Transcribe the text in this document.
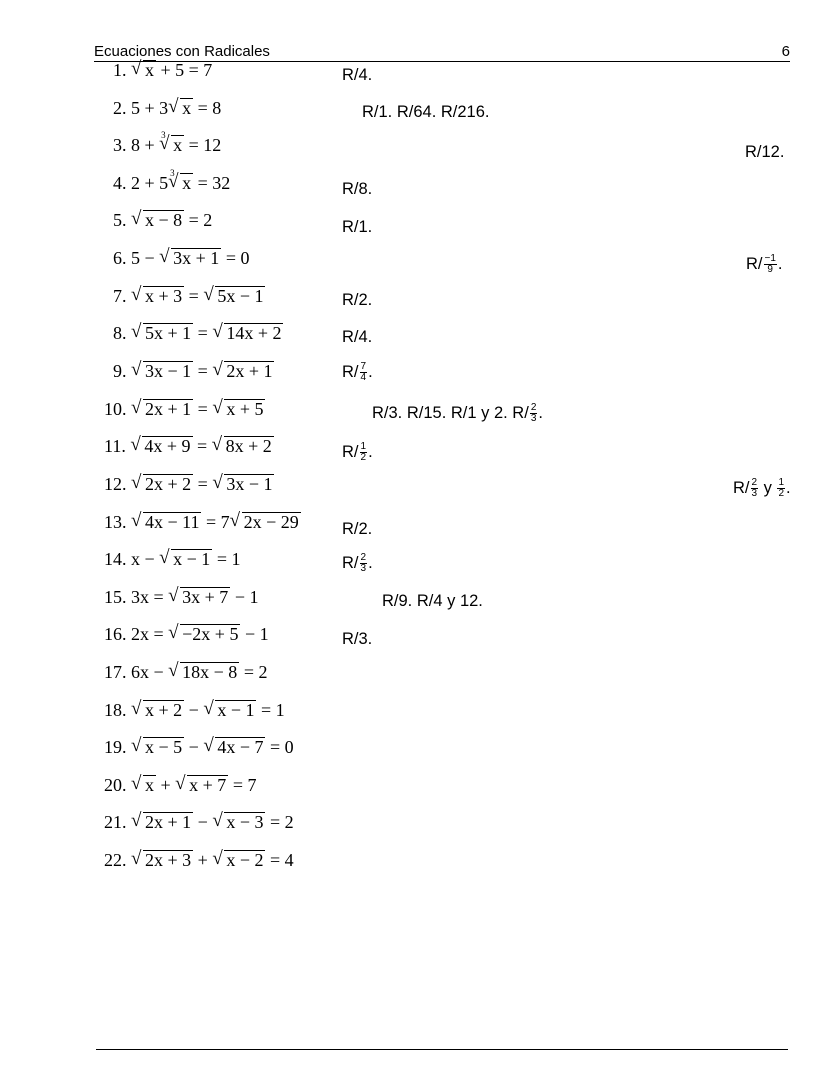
Ecuaciones con Radicales	6
1. √ x + 5 = 7	R/4.
2. 5 + 3 √ x = 8	R/1. R/64. R/216.
3. 8 + √ 3 x = 12	R/12.
4. 2 + 5 √ 3 x = 32	R/8.
5. √ x − 8 = 2	R/1.
6. 5 − √ 3x + 1 = 0	$R/ \frac{-1}{9}$ .
7. √ x + 3 = √ 5x − 1	R/2.
8. √ 5x + 1 = √ 14x + 2	R/4.
9. √ 3x − 1 = √ 2x + 1	$R/ \frac{7}{4}$ .
10. √ 2x + 1 = √ x + 5	R/3. R/15. R/1 y 2. $R/ \frac{2}{3}$ .
11. √ 4x + 9 = √ 8x + 2	$R/ \frac{1}{2}$ .
12. √ 2x + 2 = √ 3x − 1	$R/ \frac{2}{3}$ y $\frac{1}{2}$ .
13. √ 4x − 11 = 7 √ 2x − 29	R/2.
14. x − √ x − 1 = 1	$R/ \frac{2}{3}$ .
15. 3x = √ 3x + 7 − 1	R/9. R/4 y 12.
16. 2x = √ −2x + 5 − 1	R/3.
17. 6x − √ 18x − 8 = 2
18. √ x + 2 − √ x − 1 = 1
19. √ x − 5 − √ 4x − 7 = 0
20. √ x + √ x + 7 = 7
21. √ 2x + 1 − √ x − 3 = 2
22. √ 2x + 3 + √ x − 2 = 4
